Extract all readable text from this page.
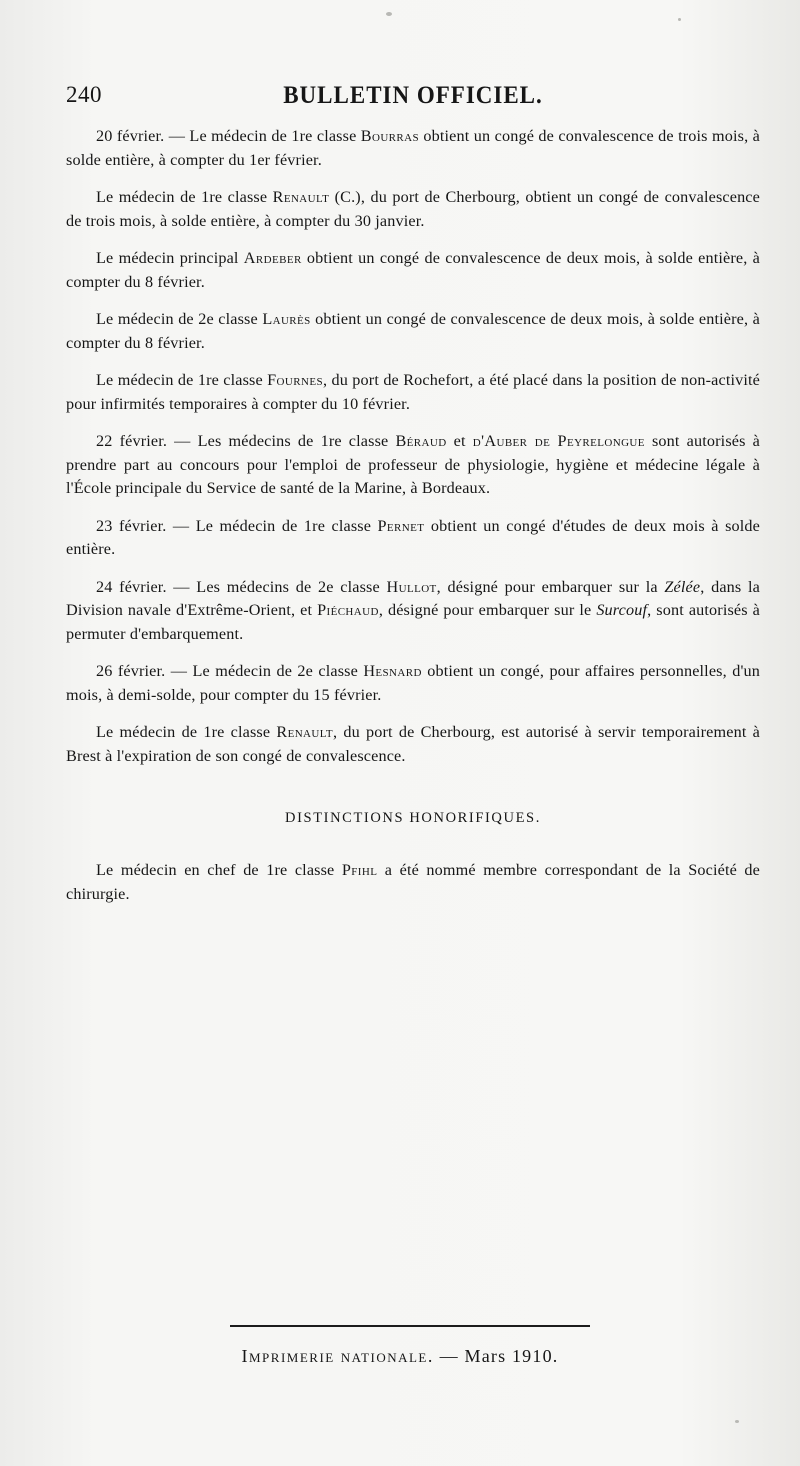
240	BULLETIN OFFICIEL.

20 février. — Le médecin de 1re classe Bourras obtient un congé de convalescence de trois mois, à solde entière, à compter du 1er février.

Le médecin de 1re classe Renault (C.), du port de Cherbourg, obtient un congé de convalescence de trois mois, à solde entière, à compter du 30 janvier.

Le médecin principal Ardeber obtient un congé de convalescence de deux mois, à solde entière, à compter du 8 février.

Le médecin de 2e classe Laurès obtient un congé de convalescence de deux mois, à solde entière, à compter du 8 février.

Le médecin de 1re classe Fournes, du port de Rochefort, a été placé dans la position de non-activité pour infirmités temporaires à compter du 10 février.

22 février. — Les médecins de 1re classe Béraud et d'Auber de Peyrelongue sont autorisés à prendre part au concours pour l'emploi de professeur de physiologie, hygiène et médecine légale à l'École principale du Service de santé de la Marine, à Bordeaux.

23 février. — Le médecin de 1re classe Pernet obtient un congé d'études de deux mois à solde entière.

24 février. — Les médecins de 2e classe Hullot, désigné pour embarquer sur la Zélée, dans la Division navale d'Extrême-Orient, et Piéchaud, désigné pour embarquer sur le Surcouf, sont autorisés à permuter d'embarquement.

26 février. — Le médecin de 2e classe Hesnard obtient un congé, pour affaires personnelles, d'un mois, à demi-solde, pour compter du 15 février.

Le médecin de 1re classe Renault, du port de Cherbourg, est autorisé à servir temporairement à Brest à l'expiration de son congé de convalescence.

DISTINCTIONS HONORIFIQUES.

Le médecin en chef de 1re classe Pfihl a été nommé membre correspondant de la Société de chirurgie.

Imprimerie nationale. — Mars 1910.
